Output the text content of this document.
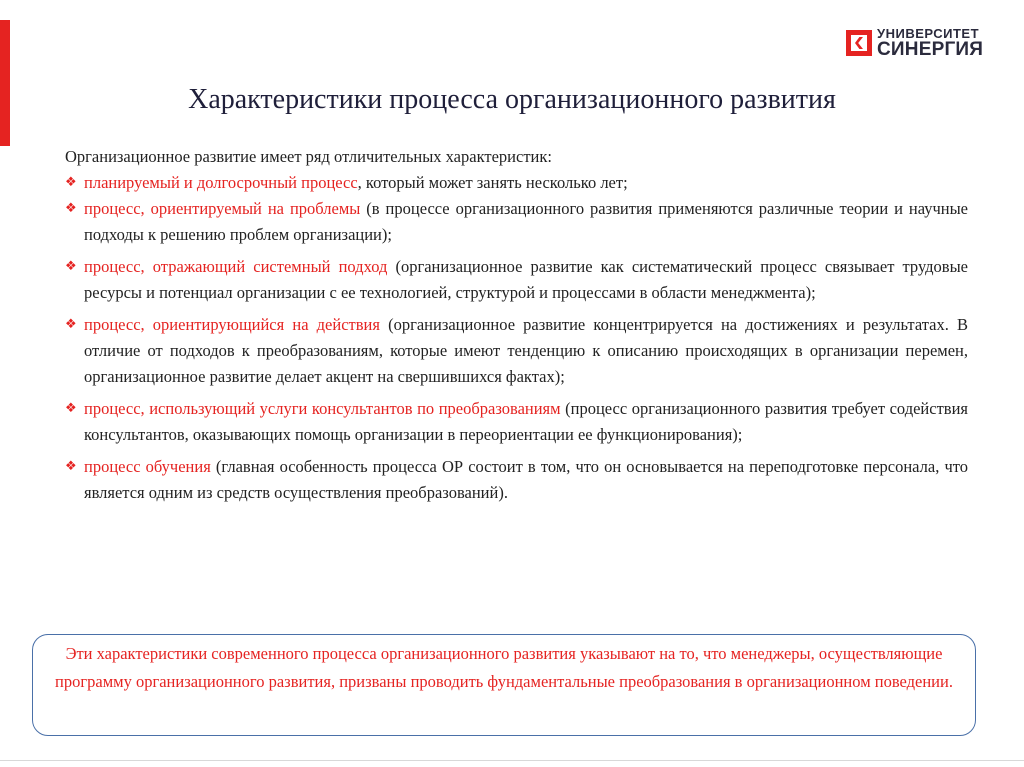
УНИВЕРСИТЕТ
СИНЕРГИЯ
Характеристики процесса организационного развития

Организационное развитие имеет ряд отличительных характеристик:

❖ планируемый и долгосрочный процесс, который может занять несколько лет;
❖ процесс, ориентируемый на проблемы (в процессе организационного развития применяются различные теории и научные подходы к решению проблем организации);
❖ процесс, отражающий системный подход (организационное развитие как систематический процесс связывает трудовые ресурсы и потенциал организации с ее технологией, структурой и процессами в области менеджмента);
❖ процесс, ориентирующийся на действия (организационное развитие концентрируется на достижениях и результатах. В отличие от подходов к преобразованиям, которые имеют тенденцию к описанию происходящих в организации перемен, организационное развитие делает акцент на свершившихся фактах);
❖ процесс, использующий услуги консультантов по преобразованиям (процесс организационного развития требует содействия консультантов, оказывающих помощь организации в переориентации ее функционирования);
❖ процесс обучения (главная особенность процесса ОР состоит в том, что он основывается на переподготовке персонала, что является одним из средств осуществления преобразований).
Эти характеристики современного процесса организационного развития указывают на то, что менеджеры, осуществляющие программу организационного развития, призваны проводить фундаментальные преобразования в организационном поведении.
